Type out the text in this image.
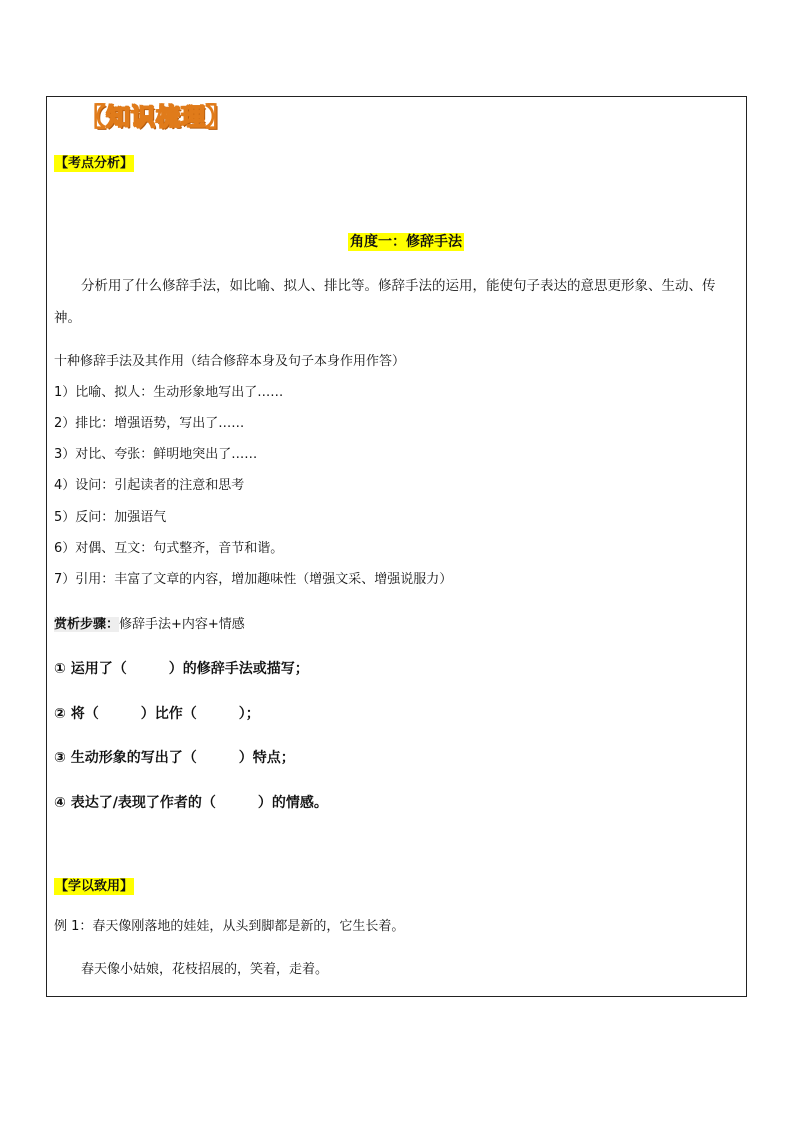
【知识梳理】
【考点分析】
角度一：修辞手法
分析用了什么修辞手法，如比喻、拟人、排比等。修辞手法的运用，能使句子表达的意思更形象、生动、传
神。
十种修辞手法及其作用（结合修辞本身及句子本身作用作答）
1）比喻、拟人：生动形象地写出了……
2）排比：增强语势，写出了……
3）对比、夸张：鲜明地突出了……
4）设问：引起读者的注意和思考
5）反问：加强语气
6）对偶、互文：句式整齐，音节和谐。
7）引用：丰富了文章的内容，增加趣味性（增强文采、增强说服力）
赏析步骤：修辞手法+内容+情感
① 运用了（　　　）的修辞手法或描写；
② 将（　　　）比作（　　　）；
③ 生动形象的写出了（　　　）特点；
④ 表达了/表现了作者的（　　　）的情感。
【学以致用】
例 1：春天像刚落地的娃娃，从头到脚都是新的，它生长着。
春天像小姑娘，花枝招展的，笑着，走着。
